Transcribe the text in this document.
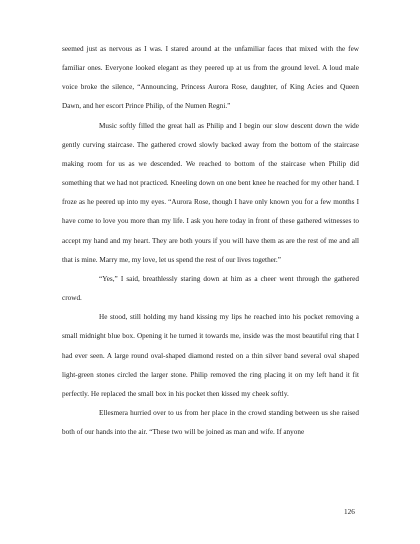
seemed just as nervous as I was. I stared around at the unfamiliar faces that mixed with the few familiar ones. Everyone looked elegant as they peered up at us from the ground level. A loud male voice broke the silence, “Announcing, Princess Aurora Rose, daughter, of King Acies and Queen Dawn, and her escort Prince Philip, of the Numen Regni.”

Music softly filled the great hall as Philip and I begin our slow descent down the wide gently curving staircase. The gathered crowd slowly backed away from the bottom of the staircase making room for us as we descended. We reached to bottom of the staircase when Philip did something that we had not practiced. Kneeling down on one bent knee he reached for my other hand. I froze as he peered up into my eyes. “Aurora Rose, though I have only known you for a few months I have come to love you more than my life. I ask you here today in front of these gathered witnesses to accept my hand and my heart. They are both yours if you will have them as are the rest of me and all that is mine. Marry me, my love, let us spend the rest of our lives together.”

“Yes,” I said, breathlessly staring down at him as a cheer went through the gathered crowd.

He stood, still holding my hand kissing my lips he reached into his pocket removing a small midnight blue box. Opening it he turned it towards me, inside was the most beautiful ring that I had ever seen. A large round oval-shaped diamond rested on a thin silver band several oval shaped light-green stones circled the larger stone. Philip removed the ring placing it on my left hand it fit perfectly. He replaced the small box in his pocket then kissed my cheek softly.

Ellesmera hurried over to us from her place in the crowd standing between us she raised both of our hands into the air. “These two will be joined as man and wife. If anyone

126
